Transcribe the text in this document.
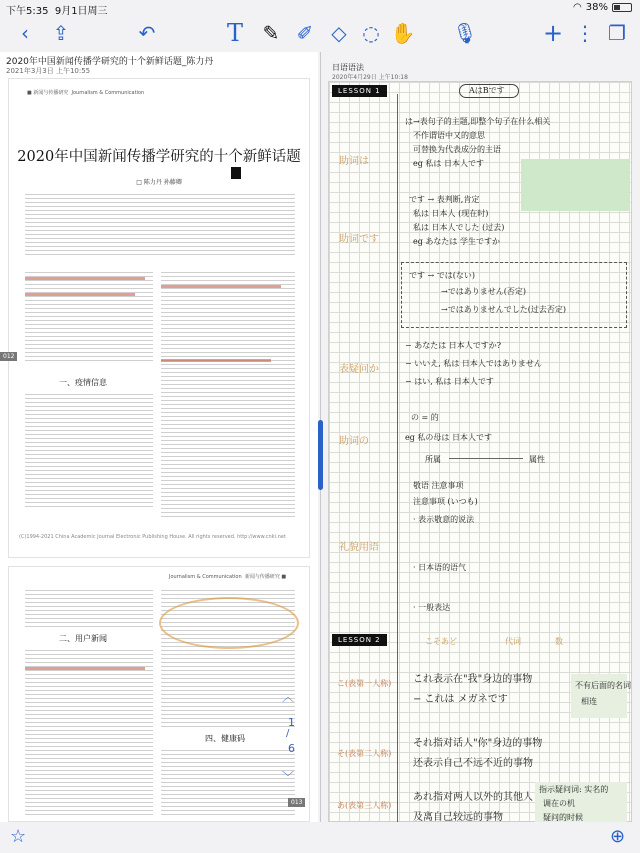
下午5:35 9月1日周三	◠ 38%
‹	⇪	↶	T ✎ ✐ ◇ ◌ ✋ 🎙	+ ⋮ ❐
2020年中国新闻传播学研究的十个新鲜话题_陈力丹
2021年3月3日 上午10:55
■ 新闻与传播研究 Journalism & Communication
2020年中国新闻传播学研究的十个新鲜话题
□ 陈力丹 孙藤卿
一、疫情信息
(C)1994-2021 China Academic Journal Electronic Publishing House. All rights reserved. http://www.cnki.net
012
Journalism & Communication 新闻与传播研究 ■
二、用户新闻
四、健康码
013
︿
1
/
6
﹀
日语语法
2020年4月29日 上午10:18
LESSON 1	AはBです
助词は
は→表句子的主题,即整个句子在什么相关
不作谓语中又的意思
可替换为代表成分的主语
eg 私は 日本人です
助词です
です → 表判断,肯定
私は 日本人 (现在时)
私は 日本人でした (过去)
eg あなたは 学生ですか
です → では(ない)
→ではありません(否定)
→ではありませんでした(过去否定)
表疑问か
− あなたは 日本人ですか?
− いいえ, 私は 日本人ではありません
− はい, 私は 日本人です
助词の
の = 的
eg 私の母は 日本人です
所属	属性
礼貌用语
敬语 注意事项
注意事项 (いつも)
· 表示敬意的说法
· 日本语的语气
· 一般表达
LESSON 2	こそあど	代词	数
こ(表第一人称) これ表示在"我"身边的事物
− これは メガネです
不有后面的名词
相连
そ(表第二人称)
それ指对话人"你"身边的事物
还表示自己不远不近的事物
あ(表第三人称)
あれ指对两人以外的其他人
及离自己较远的事物
指示疑问词: 实名的
调在の机
疑问的时候
☆	⊕
